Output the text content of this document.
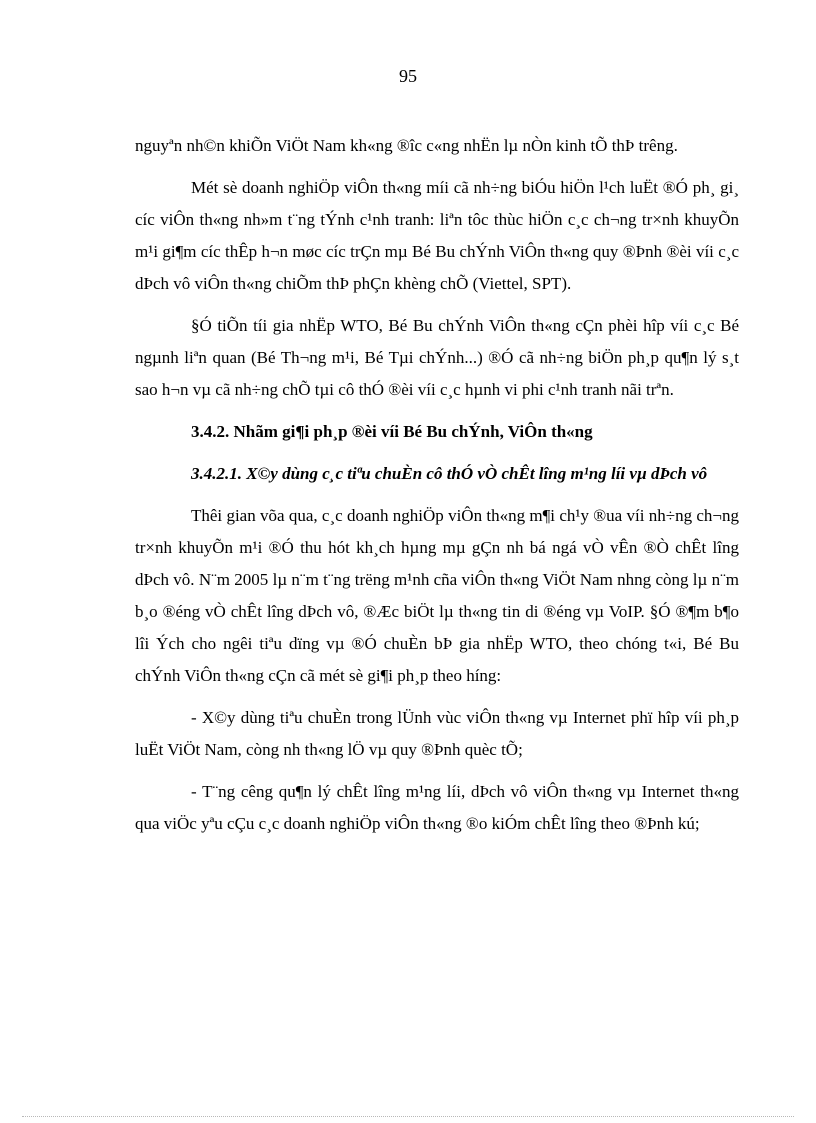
95

nguyªn nh©n khiÕn ViÖt Nam kh«ng ®îc c«ng nhËn lµ nÒn kinh tÕ thÞ trêng.

Mét sè doanh nghiÖp viÔn th«ng míi cã nh÷ng biÓu hiÖn l¹ch luËt ®Ó ph¸ gi¸ cíc viÔn th«ng nh»m t¨ng tÝnh c¹nh tranh: liªn tôc thùc hiÖn c¸c ch¬ng tr×nh khuyÕn m¹i gi¶m cíc thÊp h¬n møc cíc trÇn mµ Bé Bu chÝnh ViÔn th«ng quy ®Þnh ®èi víi c¸c dÞch vô viÔn th«ng chiÕm thÞ phÇn khèng chÕ (Viettel, SPT).

§Ó tiÕn tíi gia nhËp WTO, Bé Bu chÝnh ViÔn th«ng cÇn phèi hîp víi c¸c Bé ngµnh liªn quan (Bé Th¬ng m¹i, Bé Tµi chÝnh...) ®Ó cã nh÷ng biÖn ph¸p qu¶n lý s¸t sao h¬n vµ cã nh÷ng chÕ tµi cô thÓ ®èi víi c¸c hµnh vi phi c¹nh tranh nãi trªn.

3.4.2. Nhãm gi¶i ph¸p ®èi víi Bé Bu chÝnh, ViÔn th«ng

3.4.2.1. X©y dùng c¸c tiªu chuÈn cô thÓ vÒ chÊt lîng m¹ng líi vµ dÞch vô

Thêi gian võa qua, c¸c doanh nghiÖp viÔn th«ng m¶i ch¹y ®ua víi nh÷ng ch¬ng tr×nh khuyÕn m¹i ®Ó thu hót kh¸ch hµng mµ gÇn nh bá ngá vÒ vÊn ®Ò chÊt lîng dÞch vô. N¨m 2005 lµ n¨m t¨ng trëng m¹nh cña viÔn th«ng ViÖt Nam nhng còng lµ n¨m b¸o ®éng vÒ chÊt lîng dÞch vô, ®Æc biÖt lµ th«ng tin di ®éng vµ VoIP. §Ó ®¶m b¶o lîi Ých cho ngêi tiªu dïng vµ ®Ó chuÈn bÞ gia nhËp WTO, theo chóng t«i, Bé Bu chÝnh ViÔn th«ng cÇn cã mét sè gi¶i ph¸p theo híng:

- X©y dùng tiªu chuÈn trong lÜnh vùc viÔn th«ng vµ Internet phï hîp víi ph¸p luËt ViÖt Nam, còng nh th«ng lÖ vµ quy ®Þnh quèc tÕ;

- T¨ng cêng qu¶n lý chÊt lîng m¹ng líi, dÞch vô viÔn th«ng vµ Internet th«ng qua viÖc yªu cÇu c¸c doanh nghiÖp viÔn th«ng ®o kiÓm chÊt lîng theo ®Þnh kú;
